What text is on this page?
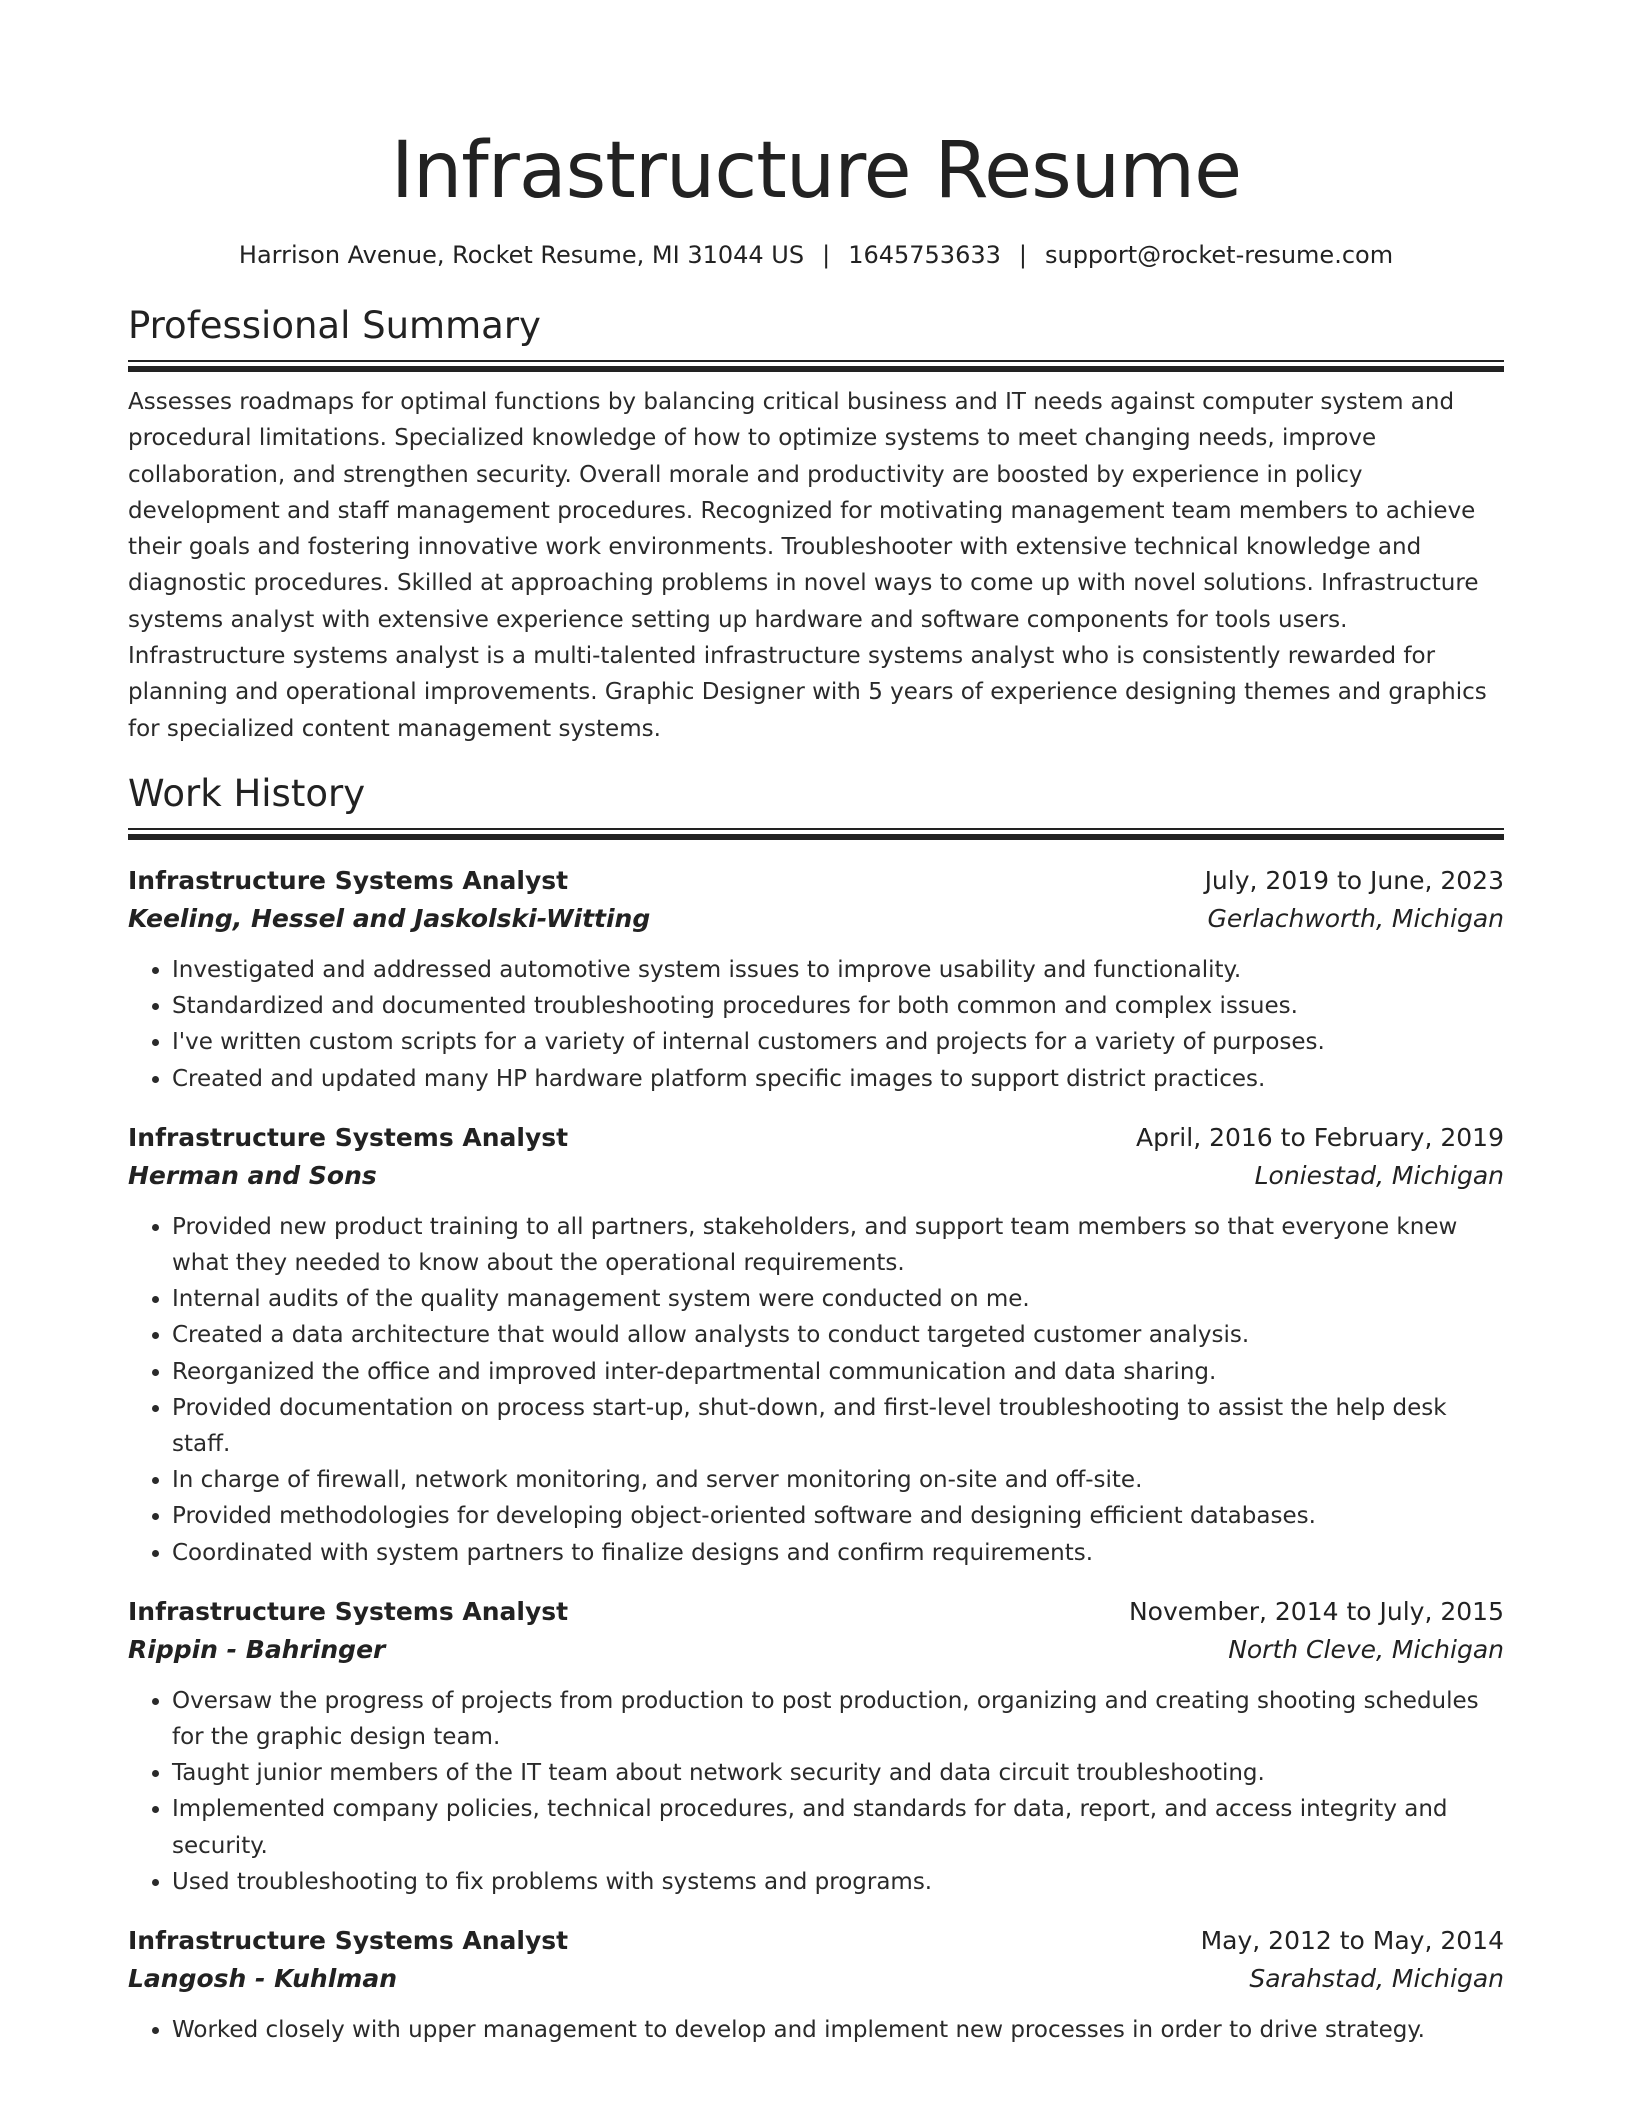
Infrastructure Resume
Harrison Avenue, Rocket Resume, MI 31044 US | 1645753633 | support@rocket-resume.com
Professional Summary

Assesses roadmaps for optimal functions by balancing critical business and IT needs against computer system and procedural limitations. Specialized knowledge of how to optimize systems to meet changing needs, improve collaboration, and strengthen security. Overall morale and productivity are boosted by experience in policy development and staff management procedures. Recognized for motivating management team members to achieve their goals and fostering innovative work environments. Troubleshooter with extensive technical knowledge and diagnostic procedures. Skilled at approaching problems in novel ways to come up with novel solutions. Infrastructure systems analyst with extensive experience setting up hardware and software components for tools users. Infrastructure systems analyst is a multi-talented infrastructure systems analyst who is consistently rewarded for planning and operational improvements. Graphic Designer with 5 years of experience designing themes and graphics for specialized content management systems.

Work History
Infrastructure Systems Analyst	July, 2019 to June, 2023
Keeling, Hessel and Jaskolski-Witting	Gerlachworth, Michigan
• Investigated and addressed automotive system issues to improve usability and functionality.
• Standardized and documented troubleshooting procedures for both common and complex issues.
• I've written custom scripts for a variety of internal customers and projects for a variety of purposes.
• Created and updated many HP hardware platform specific images to support district practices.
Infrastructure Systems Analyst	April, 2016 to February, 2019
Herman and Sons	Loniestad, Michigan
• Provided new product training to all partners, stakeholders, and support team members so that everyone knew what they needed to know about the operational requirements.
• Internal audits of the quality management system were conducted on me.
• Created a data architecture that would allow analysts to conduct targeted customer analysis.
• Reorganized the office and improved inter-departmental communication and data sharing.
• Provided documentation on process start-up, shut-down, and first-level troubleshooting to assist the help desk staff.
• In charge of firewall, network monitoring, and server monitoring on-site and off-site.
• Provided methodologies for developing object-oriented software and designing efficient databases.
• Coordinated with system partners to finalize designs and confirm requirements.
Infrastructure Systems Analyst	November, 2014 to July, 2015
Rippin - Bahringer	North Cleve, Michigan
• Oversaw the progress of projects from production to post production, organizing and creating shooting schedules for the graphic design team.
• Taught junior members of the IT team about network security and data circuit troubleshooting.
• Implemented company policies, technical procedures, and standards for data, report, and access integrity and security.
• Used troubleshooting to fix problems with systems and programs.
Infrastructure Systems Analyst	May, 2012 to May, 2014
Langosh - Kuhlman	Sarahstad, Michigan
• Worked closely with upper management to develop and implement new processes in order to drive strategy.
